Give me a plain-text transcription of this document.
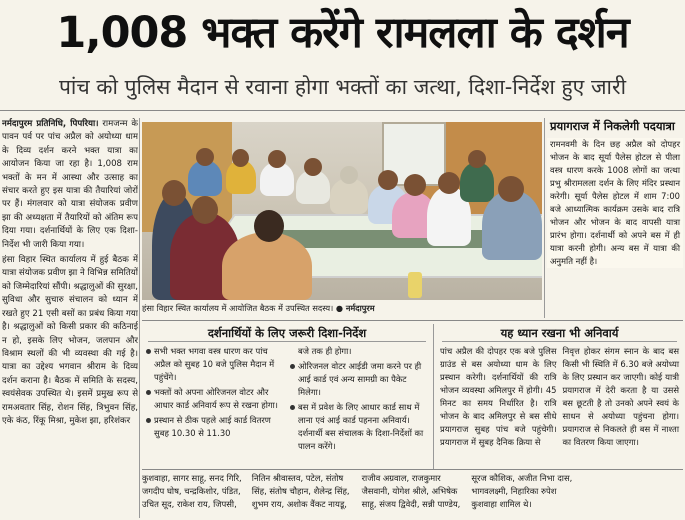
1,008 भक्त करेंगे रामलला के दर्शन
पांच को पुलिस मैदान से रवाना होगा भक्तों का जत्था, दिशा-निर्देश हुए जारी

नर्मदापुरम प्रतिनिधि, पिपरिया। रामजन्म के पावन पर्व पर पांच अप्रैल को अयोध्या धाम के दिव्य दर्शन करने भक्त यात्रा का आयोजन किया जा रहा है। 1,008 राम भक्तों के मन में आस्था और उत्साह का संचार करते हुए इस यात्रा की तैयारियां जोरों पर हैं। मंगलवार को यात्रा संयोजक प्रवीण झा की अध्यक्षता में तैयारियों को अंतिम रूप दिया गया। दर्शनार्थियों के लिए एक दिशा-निर्देश भी जारी किया गया।

हंसा विहार स्थित कार्यालय में हुई बैठक में यात्रा संयोजक प्रवीण झा ने विभिन्न समितियों को जिम्मेदारियां सौंपी। श्रद्धालुओं की सुरक्षा, सुविधा और सुचारु संचालन को ध्यान में रखते हुए 21 एसी बसों का प्रबंध किया गया है। श्रद्धालुओं को किसी प्रकार की कठिनाई न हो, इसके लिए भोजन, जलपान और विश्राम स्थलों की भी व्यवस्था की गई है। यात्रा का उद्देश्य भगवान श्रीराम के दिव्य दर्शन कराना है। बैठक में समिति के सदस्य, स्वयंसेवक उपस्थित थे। इसमें प्रमुख रूप से रामअवतार सिंह, रोशन सिंह, त्रिभुवन सिंह, एके कंठ, रिंकू मिश्रा, मुकेश झा, हरिशंकर

हंसा विहार स्थित कार्यालय में आयोजित बैठक में उपस्थित सदस्य। ● नर्मदापुरम
प्रयागराज में निकलेगी पदयात्रा
रामनवमी के दिन छह अप्रैल को दोपहर भोजन के बाद सूर्या पैलेस होटल से पीला वस्त्र धारण करके 1008 लोगों का जत्था प्रभु श्रीरामलला दर्शन के लिए मंदिर प्रस्थान करेगी। सूर्या पैलेस होटल में शाम 7:00 बजे आध्यात्मिक कार्यक्रम उसके बाद रात्रि भोजन और भोजन के बाद वापसी यात्रा प्रारंभ होगा। दर्शनार्थी को अपने बस में ही यात्रा करनी होगी। अन्य बस में यात्रा की अनुमति नहीं है।
दर्शनार्थियों के लिए जरूरी दिशा-निर्देश
सभी भक्त भगवा वस्त्र धारण कर पांच अप्रैल को सुबह 10 बजे पुलिस मैदान में पहुंचेंगे।
भक्तों को अपना ओरिजनल वोटर और आधार कार्ड अनिवार्य रूप से रखना होगा।
प्रस्थान से ठीक पहले आई कार्ड वितरण सुबह 10.30 से 11.30
बजे तक ही होगा।
ओरिजनल वोटर आईडी जमा करने पर ही आई कार्ड एवं अन्य सामग्री का पैकेट मिलेगा।
बस में प्रवेश के लिए आधार कार्ड साथ में लाना एवं आई कार्ड पहनना अनिवार्य। दर्शनार्थी बस संचालक के दिशा-निर्देशों का पालन करेंगे।
यह ध्यान रखना भी अनिवार्य
पांच अप्रैल की दोपहर एक बजे पुलिस ग्राउंड से बस अयोध्या धाम के लिए प्रस्थान करेगी। दर्शनार्थियों की रात्रि भोजन व्यवस्था अमिलपुर में होगी। 45 मिनट का समय निर्धारित है। रात्रि भोजन के बाद अमिलपुर से बस सीधे प्रयागराज सुबह पांच बजे पहुंचेगी। प्रयागराज में सुबह दैनिक क्रिया से
निवृत्त होकर संगम स्नान के बाद बस किसी भी स्थिति में 6.30 बजे अयोध्या के लिए प्रस्थान कर जाएगी। कोई यात्री प्रयागराज में देरी करता है या उससे बस छूटती है तो उनको अपने स्वयं के साधन से अयोध्या पहुंचना होगा। प्रयागराज से निकलते ही बस में नाश्ता का वितरण किया जाएगा।
कुशवाहा, सागर साहू, सनद गिरि, जगदीप घोष, चन्द्रकिशोर, पंडित, उचित सूद, राकेश राय, जिपसी, नितिन श्रीवास्तव, पटेल, संतोष सिंह, संतोष चौहान, शैलेन्द्र सिंह, शुभम राय, अशोक वैंकट नायडू, राजीव अग्रवाल, राजकुमार जैसवानी, योगेश श्रीले, अभिषेक साहू, संजय द्विवेदी, सन्नी पाण्डेय, सूरज कौशिक, अजीत निभा दास, भागवलक्ष्मी, निहारिका रुपेश कुशवाहा शामिल थे।
